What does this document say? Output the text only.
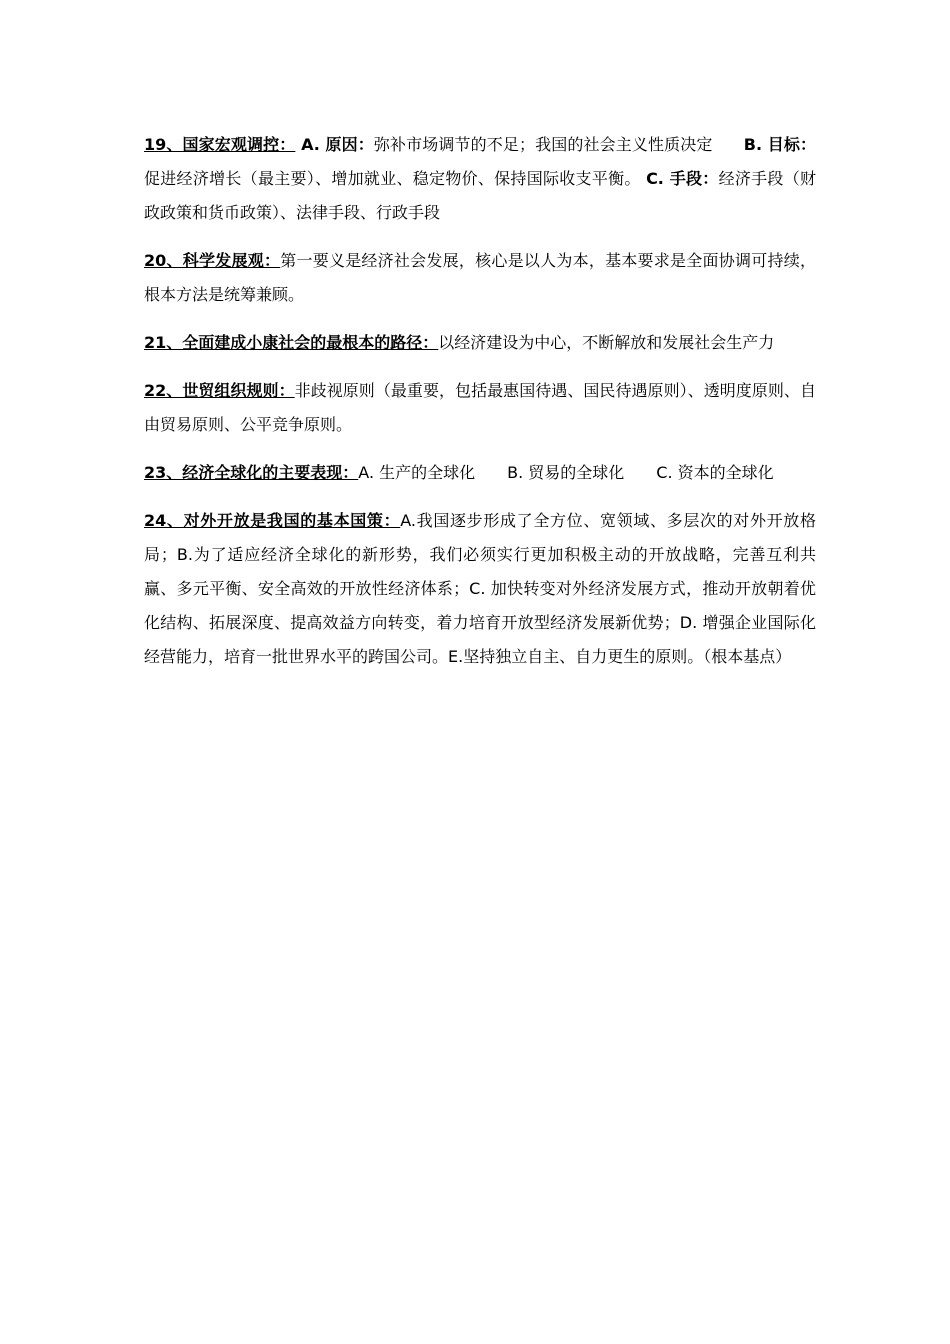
19、国家宏观调控： A. 原因：弥补市场调节的不足；我国的社会主义性质决定 B. 目标：促进经济增长（最主要）、增加就业、稳定物价、保持国际收支平衡。 C. 手段：经济手段（财政政策和货币政策）、法律手段、行政手段

20、科学发展观：第一要义是经济社会发展，核心是以人为本，基本要求是全面协调可持续，根本方法是统筹兼顾。

21、全面建成小康社会的最根本的路径：以经济建设为中心，不断解放和发展社会生产力

22、世贸组织规则：非歧视原则（最重要，包括最惠国待遇、国民待遇原则）、透明度原则、自由贸易原则、公平竞争原则。

23、经济全球化的主要表现：A. 生产的全球化　　B. 贸易的全球化　　C. 资本的全球化

24、对外开放是我国的基本国策：A.我国逐步形成了全方位、宽领域、多层次的对外开放格局；B.为了适应经济全球化的新形势，我们必须实行更加积极主动的开放战略，完善互利共赢、多元平衡、安全高效的开放性经济体系；C. 加快转变对外经济发展方式，推动开放朝着优化结构、拓展深度、提高效益方向转变，着力培育开放型经济发展新优势；D. 增强企业国际化经营能力，培育一批世界水平的跨国公司。E.坚持独立自主、自力更生的原则。（根本基点）
